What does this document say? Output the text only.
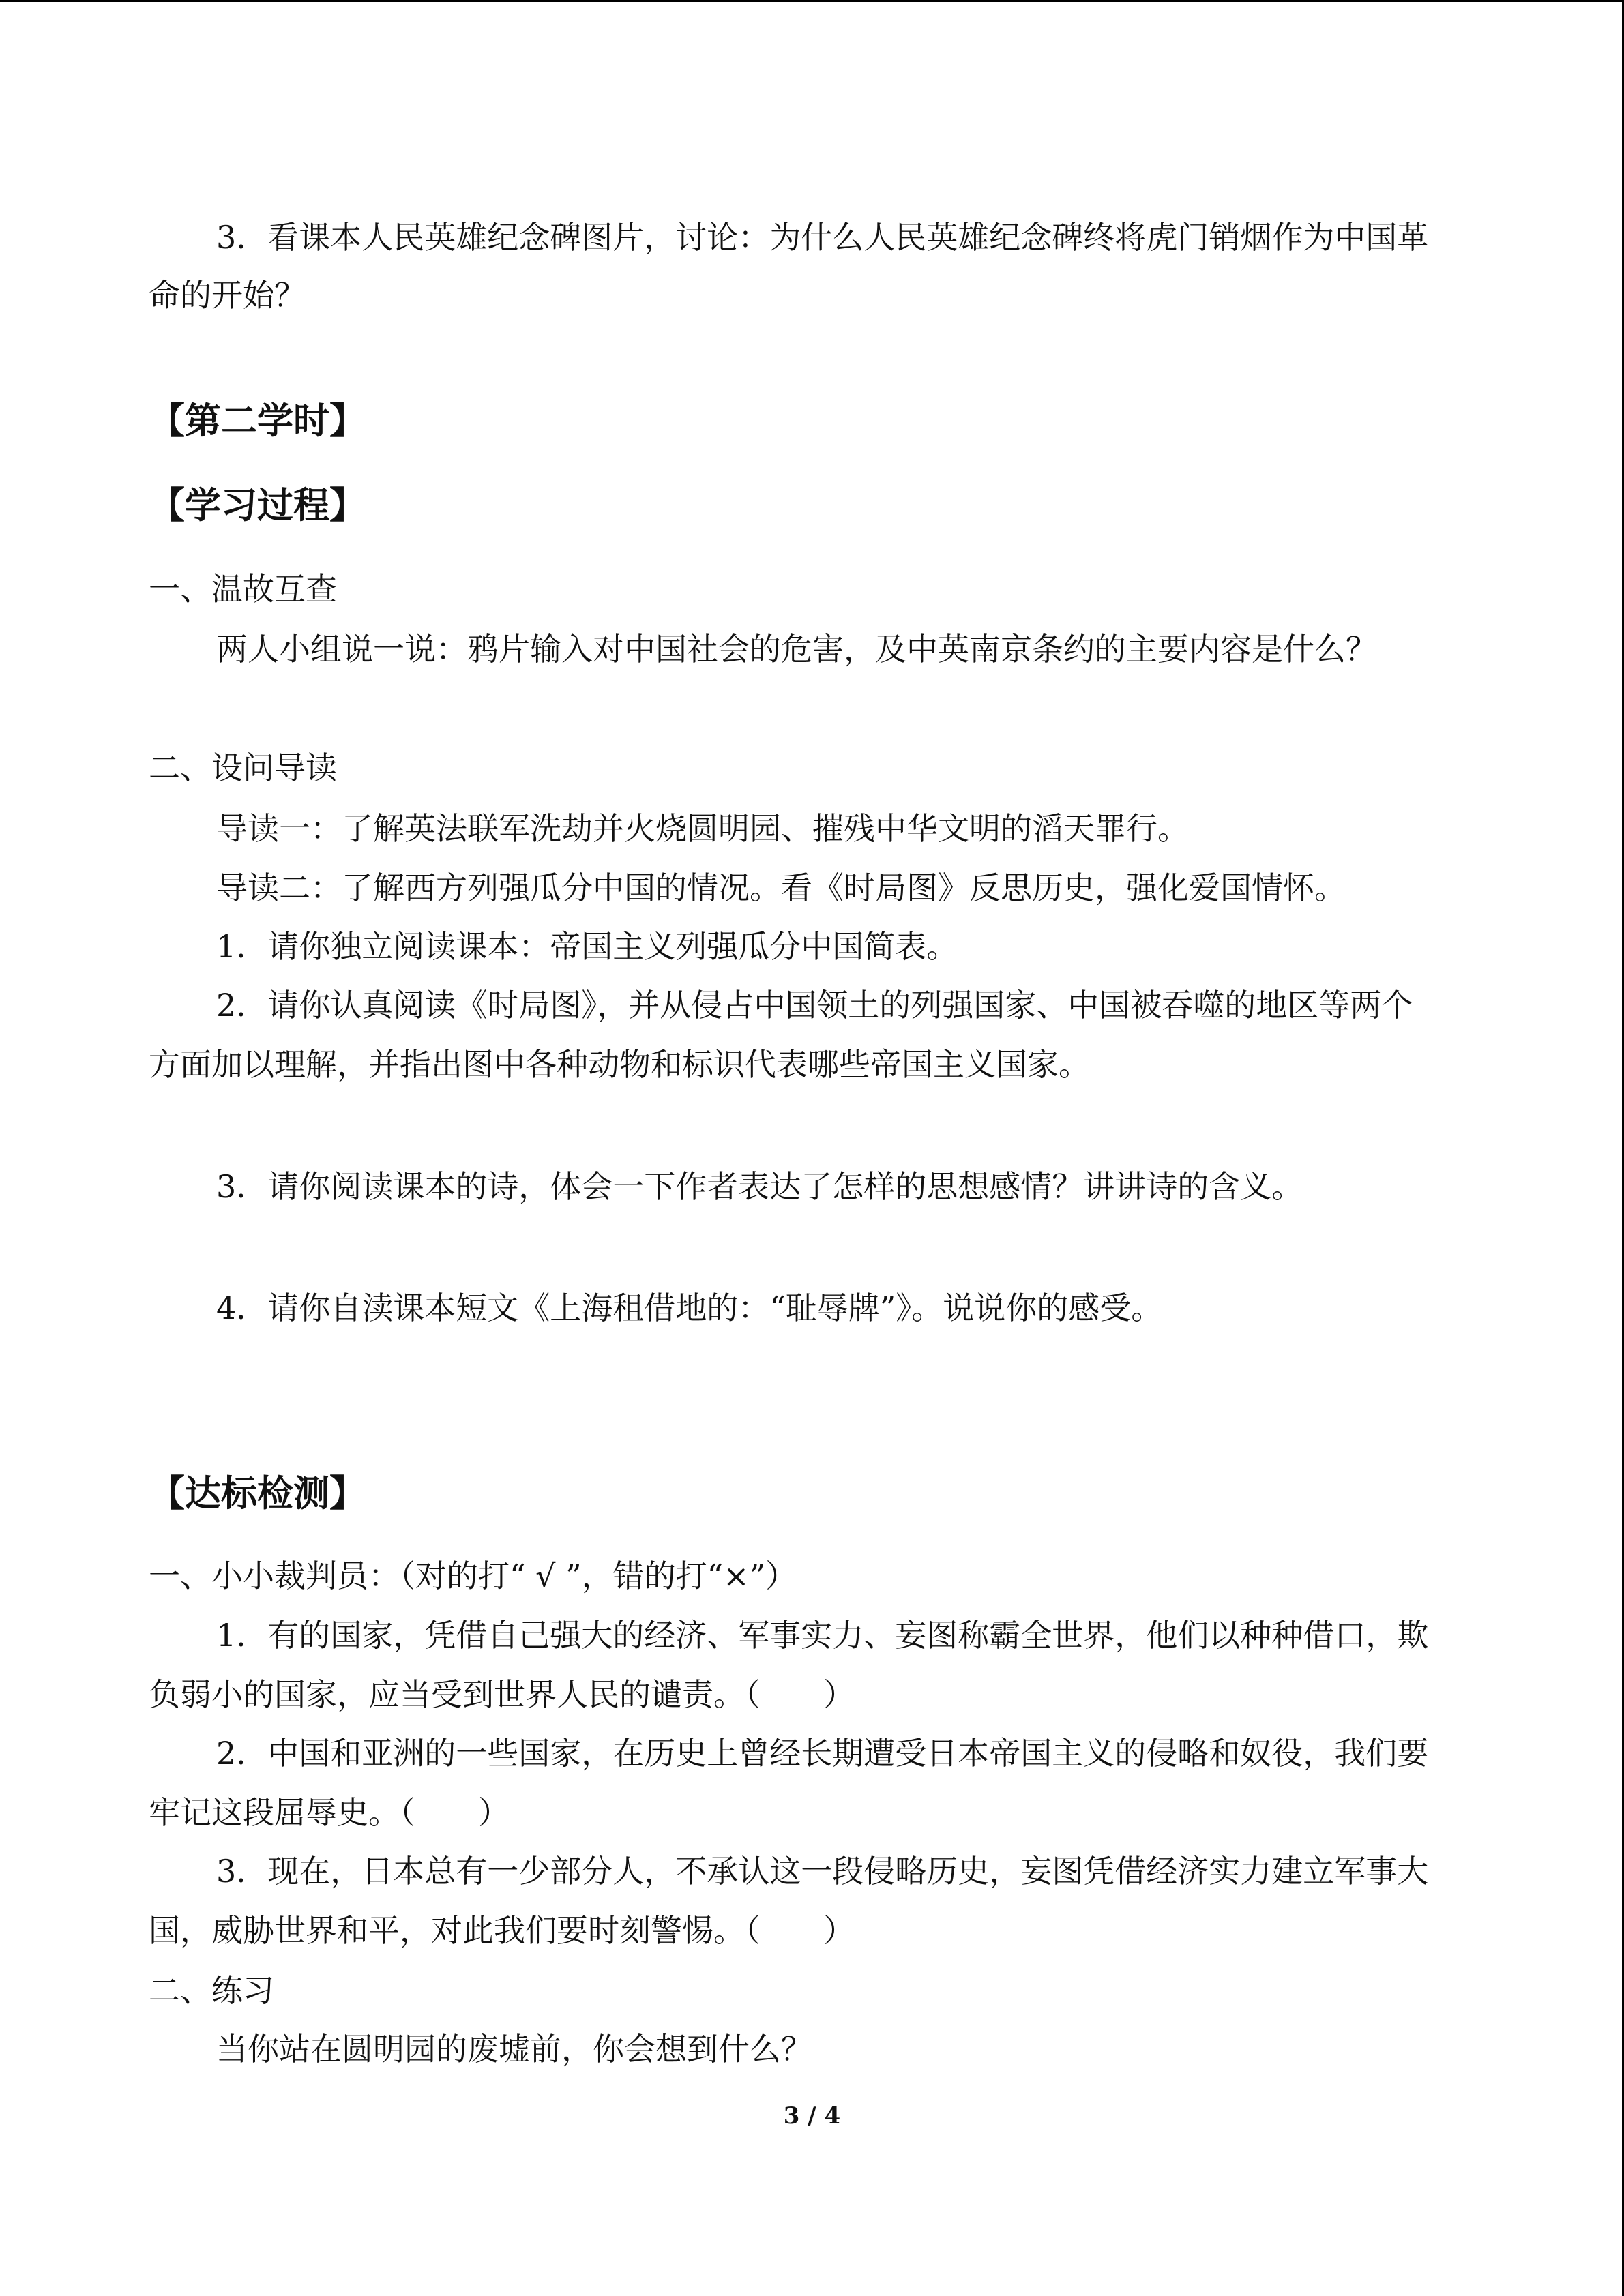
3．看课本人民英雄纪念碑图片，讨论：为什么人民英雄纪念碑终将虎门销烟作为中国革

命的开始？

【第二学时】
【学习过程】

一、温故互查

两人小组说一说：鸦片输入对中国社会的危害，及中英南京条约的主要内容是什么？

二、设问导读

导读一：了解英法联军洗劫并火烧圆明园、摧残中华文明的滔天罪行。

导读二：了解西方列强瓜分中国的情况。看《时局图》反思历史，强化爱国情怀。

1．请你独立阅读课本：帝国主义列强瓜分中国简表。

2．请你认真阅读《时局图》，并从侵占中国领土的列强国家、中国被吞噬的地区等两个

方面加以理解，并指出图中各种动物和标识代表哪些帝国主义国家。

3．请你阅读课本的诗，体会一下作者表达了怎样的思想感情？讲讲诗的含义。

4．请你自渎课本短文《上海租借地的：“耻辱牌”》。说说你的感受。

【达标检测】

一、小小裁判员：（对的打“ √ ”，错的打“×”）

1．有的国家，凭借自己强大的经济、军事实力、妄图称霸全世界，他们以种种借口，欺

负弱小的国家，应当受到世界人民的谴责。（　　）

2．中国和亚洲的一些国家，在历史上曾经长期遭受日本帝国主义的侵略和奴役，我们要

牢记这段屈辱史。（　　）

3．现在，日本总有一少部分人，不承认这一段侵略历史，妄图凭借经济实力建立军事大

国，威胁世界和平，对此我们要时刻警惕。（　　）

二、练习

当你站在圆明园的废墟前，你会想到什么？

3 / 4
